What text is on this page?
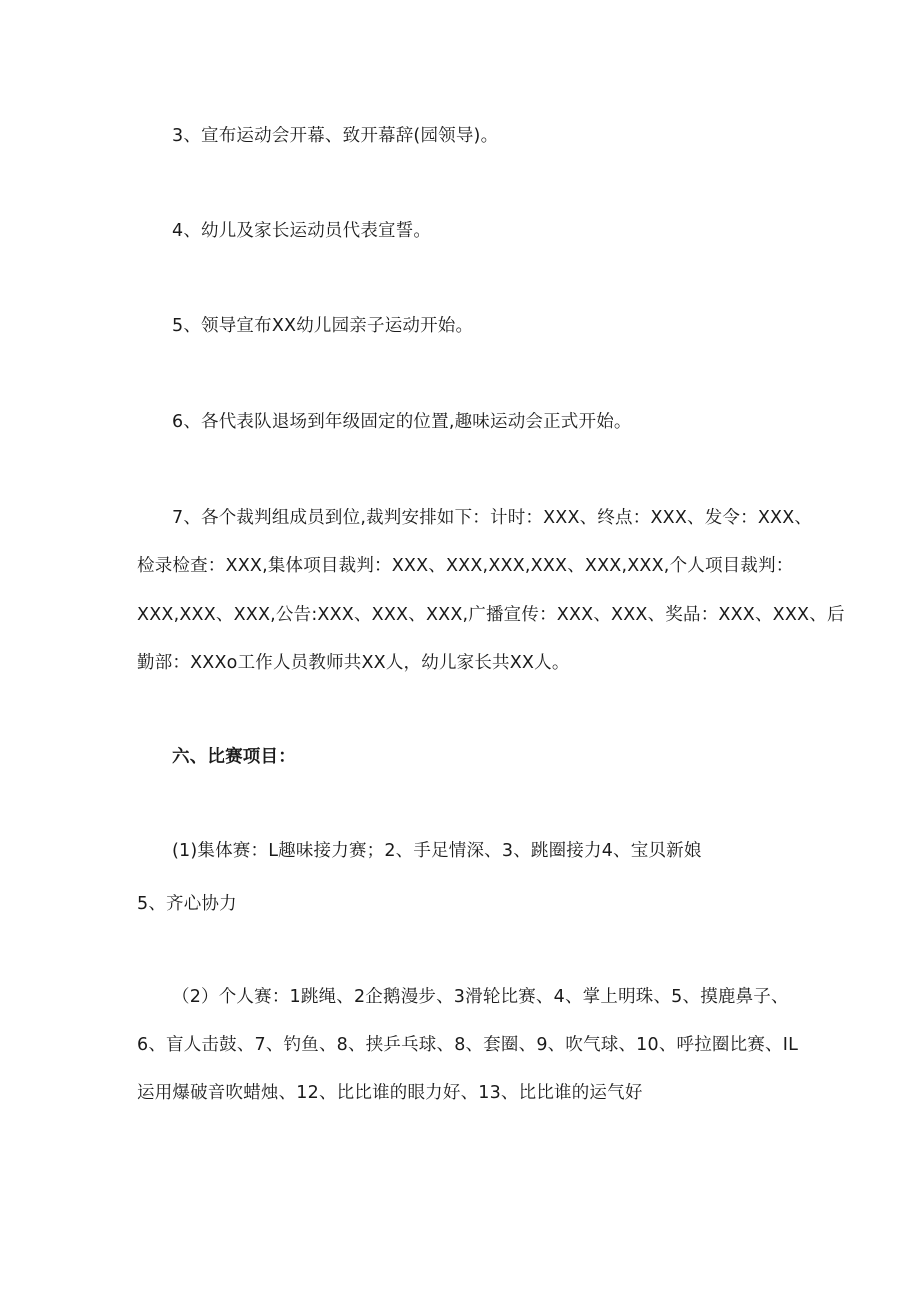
3、宣布运动会开幕、致开幕辞(园领导)。
4、幼儿及家长运动员代表宣誓。
5、领导宣布XX幼儿园亲子运动开始。
6、各代表队退场到年级固定的位置,趣味运动会正式开始。
7、各个裁判组成员到位,裁判安排如下：计时：XXX、终点：XXX、发令：XXX、
检录检查：XXX,集体项目裁判：XXX、XXX,XXX,XXX、XXX,XXX,个人项目裁判：
XXX,XXX、XXX,公告:XXX、XXX、XXX,广播宣传：XXX、XXX、奖品：XXX、XXX、后
勤部：XXXo工作人员教师共XX人，幼儿家长共XX人。
六、比赛项目：
(1)集体赛：L趣味接力赛；2、手足情深、3、跳圈接力4、宝贝新娘
5、齐心协力
（2）个人赛：1跳绳、2企鹅漫步、3滑轮比赛、4、掌上明珠、5、摸鹿鼻子、
6、盲人击鼓、7、钓鱼、8、挟乒乓球、8、套圈、9、吹气球、10、呼拉圈比赛、IL
运用爆破音吹蜡烛、12、比比谁的眼力好、13、比比谁的运气好
